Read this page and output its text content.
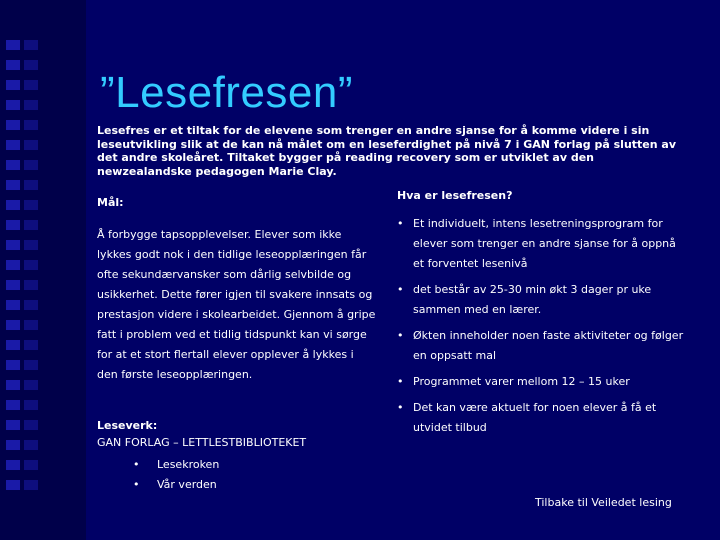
”Lesefresen”

Lesefres er et tiltak for de elevene som trenger en andre sjanse for å komme videre i sin leseutvikling slik at de kan nå målet om en leseferdighet på nivå 7 i GAN forlag på slutten av det andre skoleåret. Tiltaket bygger på reading recovery som er utviklet av den newzealandske pedagogen Marie Clay.

Mål:

Å forbygge tapsopplevelser. Elever som ikke lykkes godt nok i den tidlige leseopplæringen får ofte sekundærvansker som dårlig selvbilde og usikkerhet. Dette fører igjen til svakere innsats og prestasjon videre i skolearbeidet. Gjennom å gripe fatt i problem ved et tidlig tidspunkt kan vi sørge for at et stort flertall elever opplever å lykkes i den første leseopplæringen.

Leseverk:

GAN FORLAG – LETTLESTBIBLIOTEKET

• Lesekroken
• Vår verden

Hva er lesefresen?

• Et individuelt, intens lesetreningsprogram for elever som trenger en andre sjanse for å oppnå et forventet lesenivå
• det består av 25-30 min økt 3 dager pr uke sammen med en lærer.
• Økten inneholder noen faste aktiviteter og følger en oppsatt mal
• Programmet varer mellom 12 – 15 uker
• Det kan være aktuelt for noen elever å få et utvidet tilbud
Tilbake til Veiledet lesing
